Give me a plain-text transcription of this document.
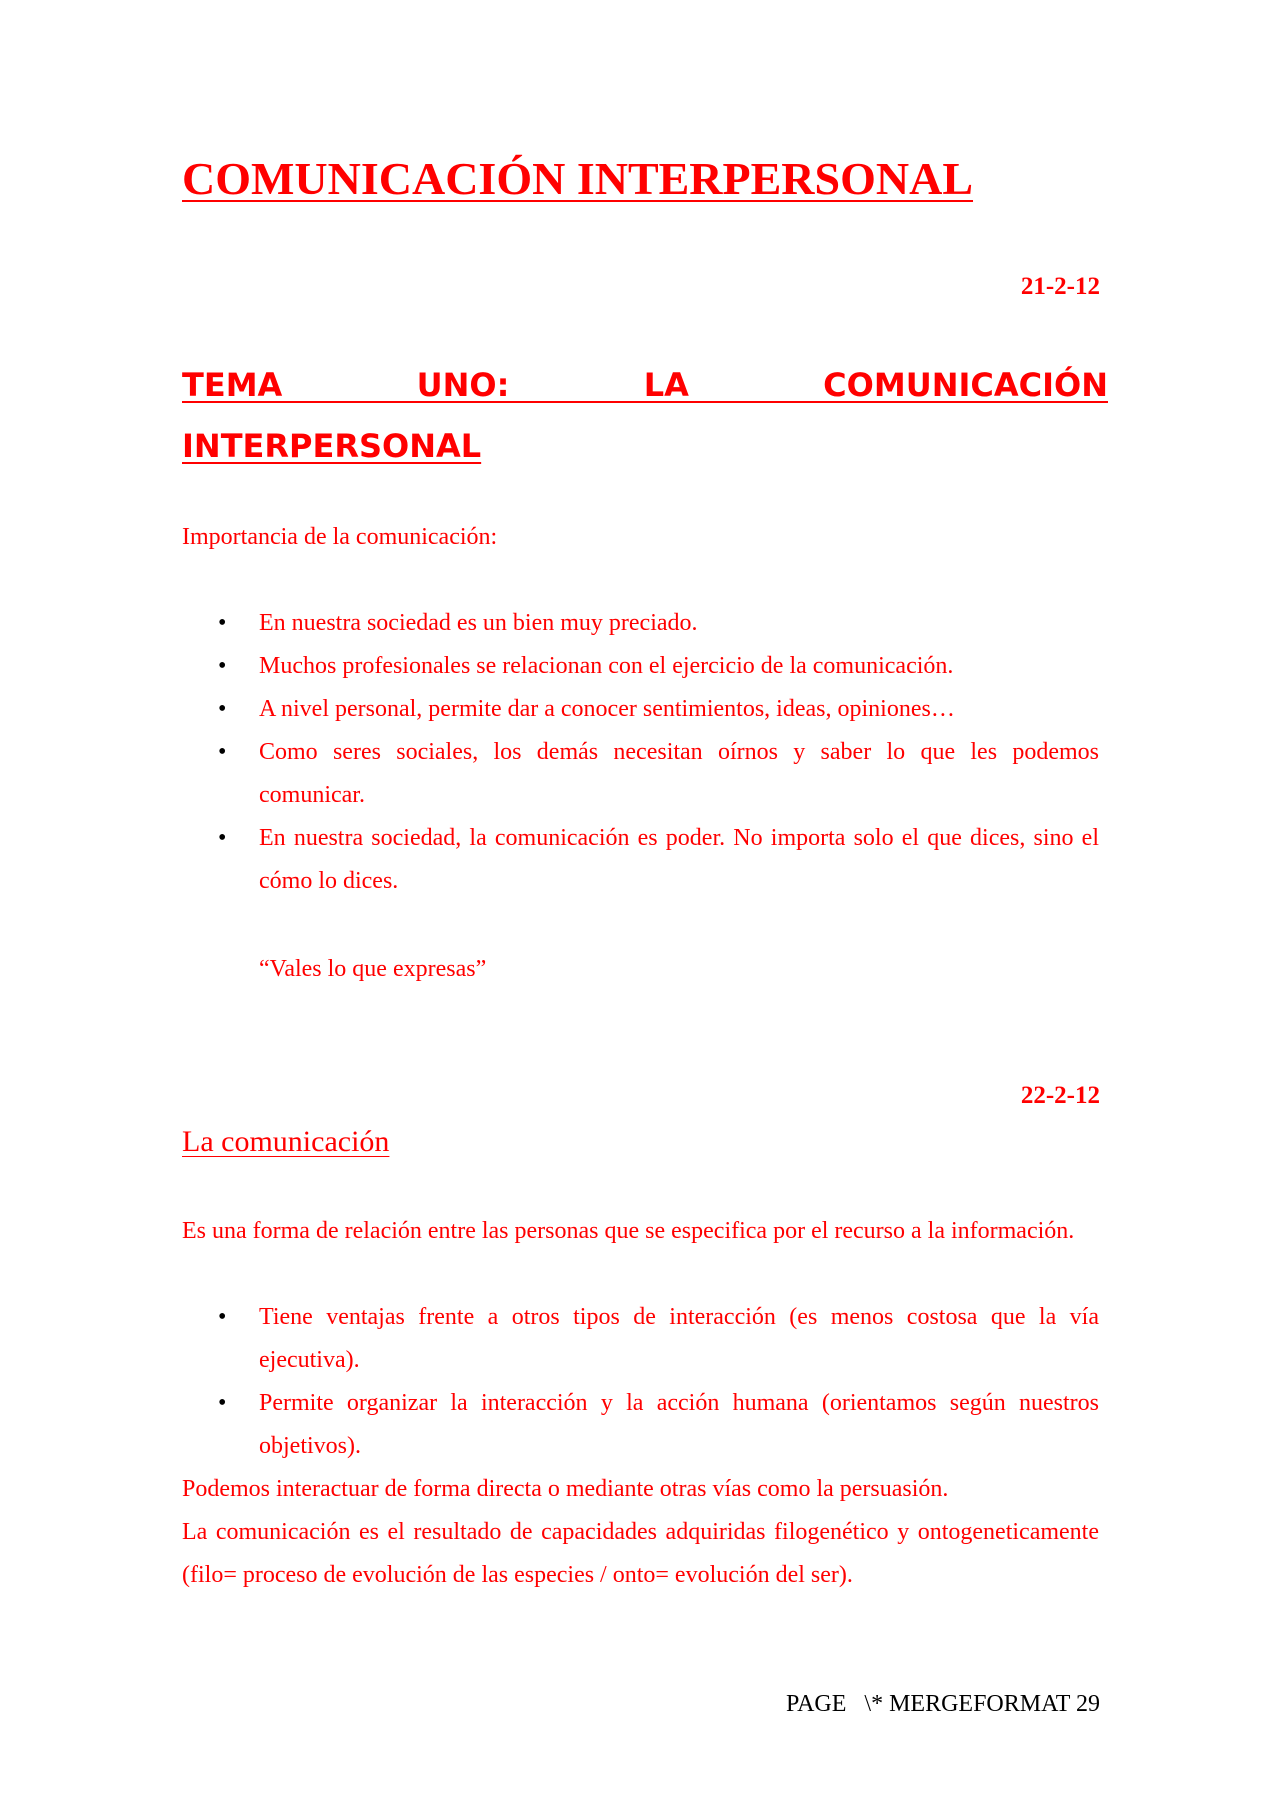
COMUNICACIÓN INTERPERSONAL
21-2-12
TEMA UNO: LA COMUNICACIÓN
INTERPERSONAL

Importancia de la comunicación:

• En nuestra sociedad es un bien muy preciado.
• Muchos profesionales se relacionan con el ejercicio de la comunicación.
• A nivel personal, permite dar a conocer sentimientos, ideas, opiniones…
• Como seres sociales, los demás necesitan oírnos y saber lo que les podemos comunicar.
• En nuestra sociedad, la comunicación es poder. No importa solo el que dices, sino el cómo lo dices.

“Vales lo que expresas”

22-2-12
La comunicación

Es una forma de relación entre las personas que se especifica por el recurso a la información.

• Tiene ventajas frente a otros tipos de interacción (es menos costosa que la vía ejecutiva).
• Permite organizar la interacción y la acción humana (orientamos según nuestros objetivos).

Podemos interactuar de forma directa o mediante otras vías como la persuasión.

La comunicación es el resultado de capacidades adquiridas filogenético y ontogeneticamente (filo= proceso de evolución de las especies / onto= evolución del ser).

PAGE   \* MERGEFORMAT 29
